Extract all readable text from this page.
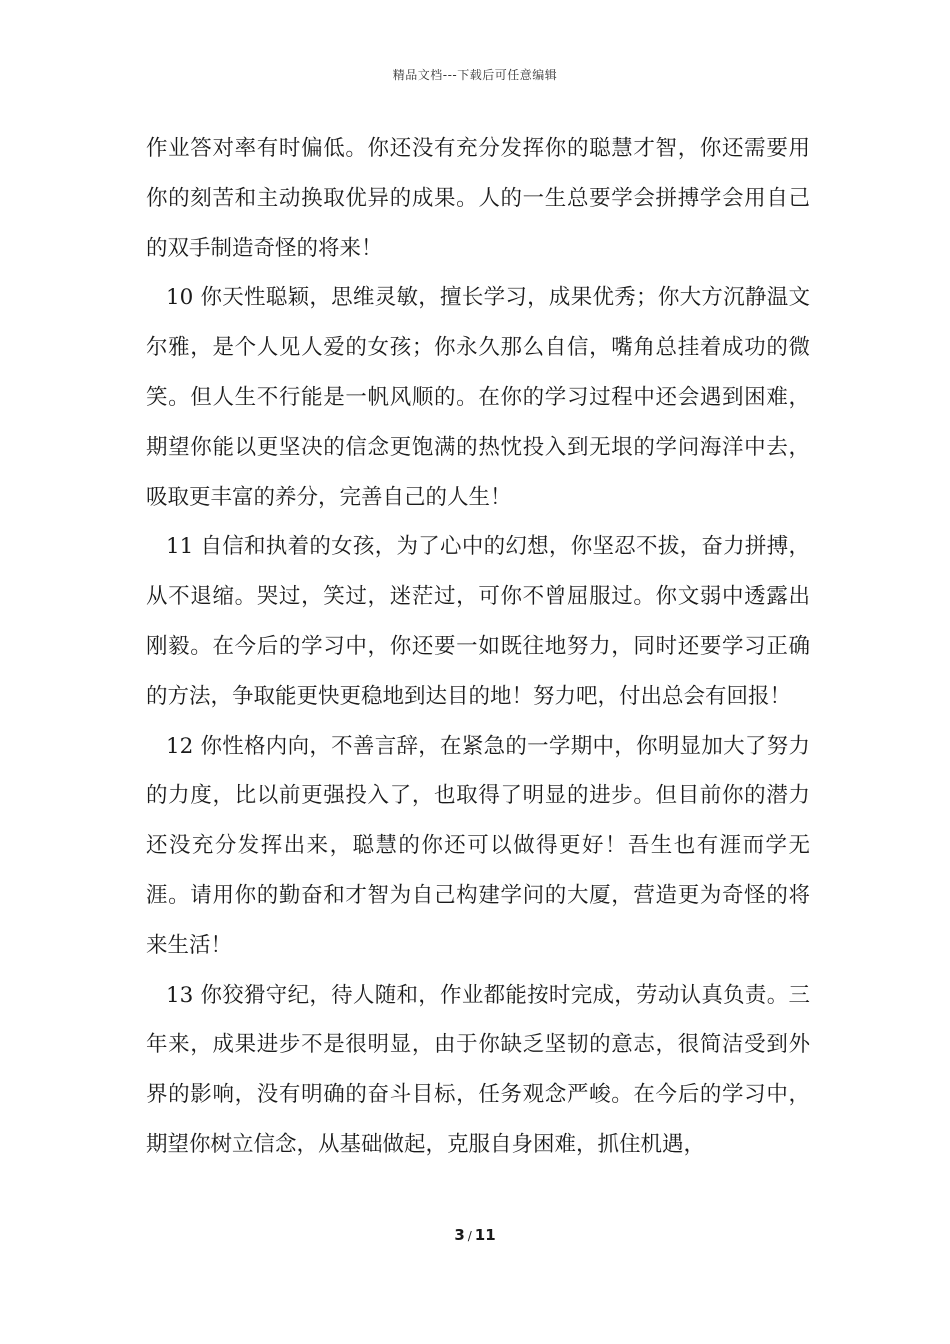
精品文档---下载后可任意编辑

作业答对率有时偏低。你还没有充分发挥你的聪慧才智，你还需要用你的刻苦和主动换取优异的成果。人的一生总要学会拼搏学会用自己的双手制造奇怪的将来！

10 你天性聪颖，思维灵敏，擅长学习，成果优秀；你大方沉静温文尔雅，是个人见人爱的女孩；你永久那么自信，嘴角总挂着成功的微笑。但人生不行能是一帆风顺的。在你的学习过程中还会遇到困难，期望你能以更坚决的信念更饱满的热忱投入到无垠的学问海洋中去，吸取更丰富的养分，完善自己的人生！

11 自信和执着的女孩，为了心中的幻想，你坚忍不拔，奋力拼搏，从不退缩。哭过，笑过，迷茫过，可你不曾屈服过。你文弱中透露出刚毅。在今后的学习中，你还要一如既往地努力，同时还要学习正确的方法，争取能更快更稳地到达目的地！努力吧，付出总会有回报！

12 你性格内向，不善言辞，在紧急的一学期中，你明显加大了努力的力度，比以前更强投入了，也取得了明显的进步。但目前你的潜力还没充分发挥出来，聪慧的你还可以做得更好！吾生也有涯而学无涯。请用你的勤奋和才智为自己构建学问的大厦，营造更为奇怪的将来生活！

13 你狡猾守纪，待人随和，作业都能按时完成，劳动认真负责。三年来，成果进步不是很明显，由于你缺乏坚韧的意志，很简洁受到外界的影响，没有明确的奋斗目标，任务观念严峻。在今后的学习中，期望你树立信念，从基础做起，克服自身困难，抓住机遇，

3 / 11
